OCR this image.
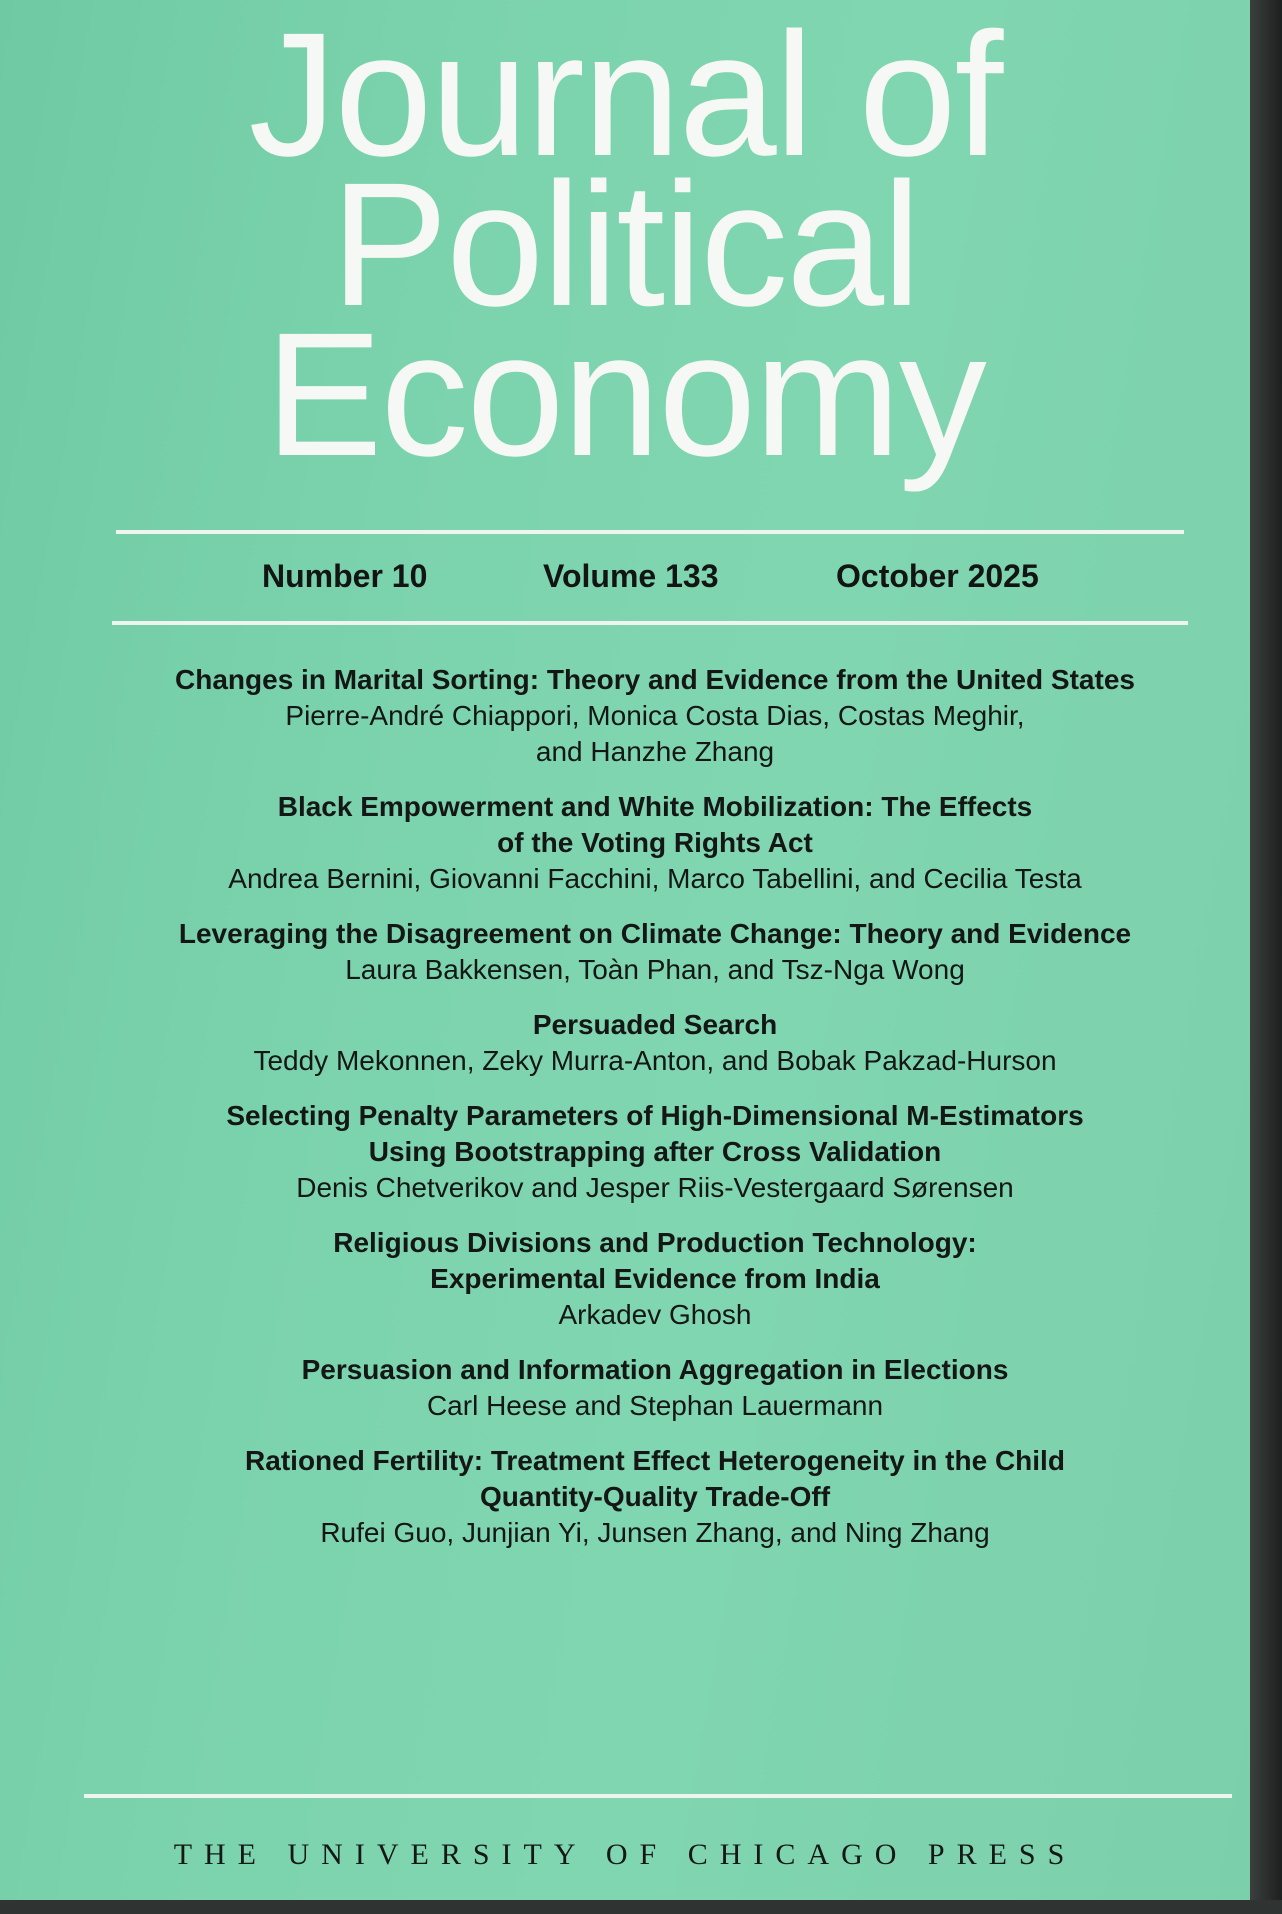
Journal of
Political
Economy
Number 10	Volume 133	October 2025
Changes in Marital Sorting: Theory and Evidence from the United States
Pierre-André Chiappori, Monica Costa Dias, Costas Meghir,
and Hanzhe Zhang
Black Empowerment and White Mobilization: The Effects
of the Voting Rights Act
Andrea Bernini, Giovanni Facchini, Marco Tabellini, and Cecilia Testa
Leveraging the Disagreement on Climate Change: Theory and Evidence
Laura Bakkensen, Toàn Phan, and Tsz-Nga Wong
Persuaded Search
Teddy Mekonnen, Zeky Murra-Anton, and Bobak Pakzad-Hurson
Selecting Penalty Parameters of High-Dimensional M-Estimators
Using Bootstrapping after Cross Validation
Denis Chetverikov and Jesper Riis-Vestergaard Sørensen
Religious Divisions and Production Technology:
Experimental Evidence from India
Arkadev Ghosh
Persuasion and Information Aggregation in Elections
Carl Heese and Stephan Lauermann
Rationed Fertility: Treatment Effect Heterogeneity in the Child
Quantity-Quality Trade-Off
Rufei Guo, Junjian Yi, Junsen Zhang, and Ning Zhang
THE UNIVERSITY OF CHICAGO PRESS
